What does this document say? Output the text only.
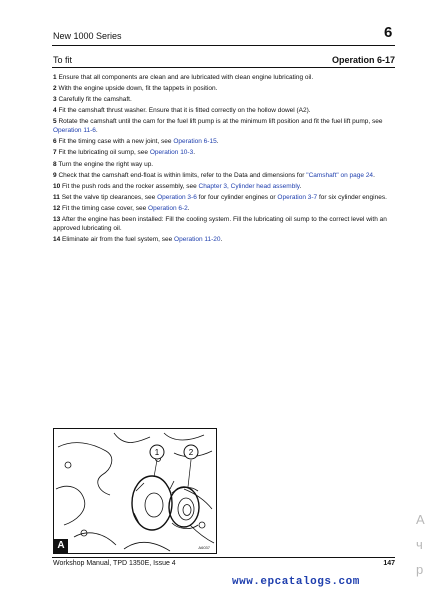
New 1000 Series	6
To fit	Operation 6-17
1 Ensure that all components are clean and are lubricated with clean engine lubricating oil.
2 With the engine upside down, fit the tappets in position.
3 Carefully fit the camshaft.
4 Fit the camshaft thrust washer. Ensure that it is fitted correctly on the hollow dowel (A2).
5 Rotate the camshaft until the cam for the fuel lift pump is at the minimum lift position and fit the fuel lift pump, see Operation 11-6.
6 Fit the timing case with a new joint, see Operation 6-15.
7 Fit the lubricating oil sump, see Operation 10-3.
8 Turn the engine the right way up.
9 Check that the camshaft end-float is within limits, refer to the Data and dimensions for "Camshaft" on page 24.
10 Fit the push rods and the rocker assembly, see Chapter 3, Cylinder head assembly.
11 Set the valve tip clearances, see Operation 3-6 for four cylinder engines or Operation 3-7 for six cylinder engines.
12 Fit the timing case cover, see Operation 6-2.
13 After the engine has been installed: Fill the cooling system. Fill the lubricating oil sump to the correct level with an approved lubricating oil.
14 Eliminate air from the fuel system, see Operation 11-20.
1	2
A	A6037
Workshop Manual, TPD 1350E, Issue 4	147
www.epcatalogs.com
A
ч
р
